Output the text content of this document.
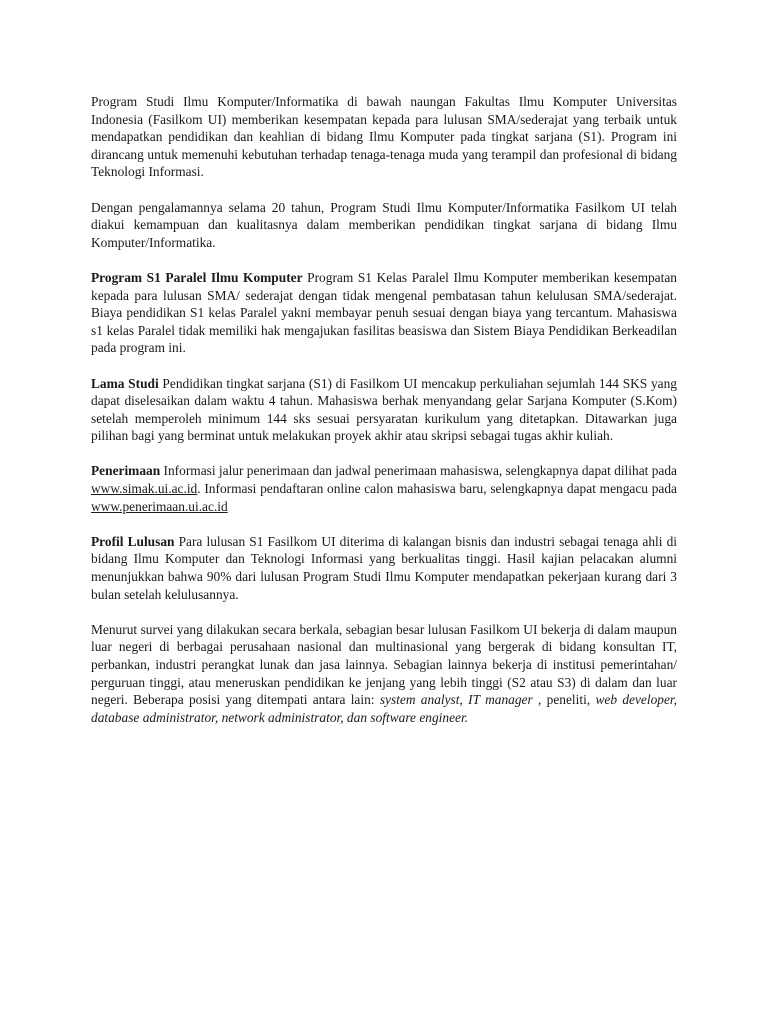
Program Studi Ilmu Komputer/Informatika di bawah naungan Fakultas Ilmu Komputer Universitas Indonesia (Fasilkom UI) memberikan kesempatan kepada para lulusan SMA/sederajat yang terbaik untuk mendapatkan pendidikan dan keahlian di bidang Ilmu Komputer pada tingkat sarjana (S1). Program ini dirancang untuk memenuhi kebutuhan terhadap tenaga-tenaga muda yang terampil dan profesional di bidang Teknologi Informasi.

Dengan pengalamannya selama 20 tahun, Program Studi Ilmu Komputer/Informatika Fasilkom UI telah diakui kemampuan dan kualitasnya dalam memberikan pendidikan tingkat sarjana di bidang Ilmu Komputer/Informatika.

Program S1 Paralel Ilmu Komputer Program S1 Kelas Paralel Ilmu Komputer memberikan kesempatan kepada para lulusan SMA/ sederajat dengan tidak mengenal pembatasan tahun kelulusan SMA/sederajat. Biaya pendidikan S1 kelas Paralel yakni membayar penuh sesuai dengan biaya yang tercantum. Mahasiswa s1 kelas Paralel tidak memiliki hak mengajukan fasilitas beasiswa dan Sistem Biaya Pendidikan Berkeadilan pada program ini.

Lama Studi Pendidikan tingkat sarjana (S1) di Fasilkom UI mencakup perkuliahan sejumlah 144 SKS yang dapat diselesaikan dalam waktu 4 tahun. Mahasiswa berhak menyandang gelar Sarjana Komputer (S.Kom) setelah memperoleh minimum 144 sks sesuai persyaratan kurikulum yang ditetapkan. Ditawarkan juga pilihan bagi yang berminat untuk melakukan proyek akhir atau skripsi sebagai tugas akhir kuliah.

Penerimaan Informasi jalur penerimaan dan jadwal penerimaan mahasiswa, selengkapnya dapat dilihat pada www.simak.ui.ac.id. Informasi pendaftaran online calon mahasiswa baru, selengkapnya dapat mengacu pada www.penerimaan.ui.ac.id

Profil Lulusan Para lulusan S1 Fasilkom UI diterima di kalangan bisnis dan industri sebagai tenaga ahli di bidang Ilmu Komputer dan Teknologi Informasi yang berkualitas tinggi. Hasil kajian pelacakan alumni menunjukkan bahwa 90% dari lulusan Program Studi Ilmu Komputer mendapatkan pekerjaan kurang dari 3 bulan setelah kelulusannya.

Menurut survei yang dilakukan secara berkala, sebagian besar lulusan Fasilkom UI bekerja di dalam maupun luar negeri di berbagai perusahaan nasional dan multinasional yang bergerak di bidang konsultan IT, perbankan, industri perangkat lunak dan jasa lainnya. Sebagian lainnya bekerja di institusi pemerintahan/ perguruan tinggi, atau meneruskan pendidikan ke jenjang yang lebih tinggi (S2 atau S3) di dalam dan luar negeri. Beberapa posisi yang ditempati antara lain: system analyst, IT manager , peneliti, web developer, database administrator, network administrator, dan software engineer.
